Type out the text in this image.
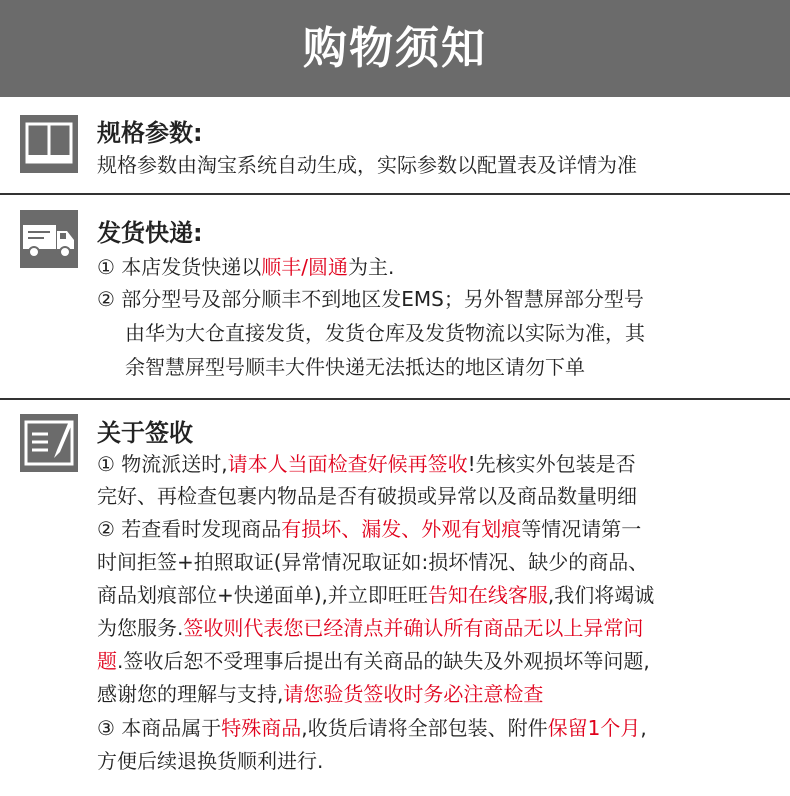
购物须知
规格参数:
规格参数由淘宝系统自动生成，实际参数以配置表及详情为准
发货快递:
① 本店发货快递以顺丰/圆通为主.
② 部分型号及部分顺丰不到地区发EMS；另外智慧屏部分型号
由华为大仓直接发货，发货仓库及发货物流以实际为准，其
余智慧屏型号顺丰大件快递无法抵达的地区请勿下单
关于签收
① 物流派送时,请本人当面检查好候再签收!先核实外包装是否
完好、再检查包裹内物品是否有破损或异常以及商品数量明细
② 若查看时发现商品有损坏、漏发、外观有划痕等情况请第一
时间拒签+拍照取证(异常情况取证如:损坏情况、缺少的商品、
商品划痕部位+快递面单),并立即旺旺告知在线客服,我们将竭诚
为您服务.签收则代表您已经清点并确认所有商品无以上异常问
题.签收后恕不受理事后提出有关商品的缺失及外观损坏等问题,
感谢您的理解与支持,请您验货签收时务必注意检查
③ 本商品属于特殊商品,收货后请将全部包装、附件保留1个月,
方便后续退换货顺利进行.
